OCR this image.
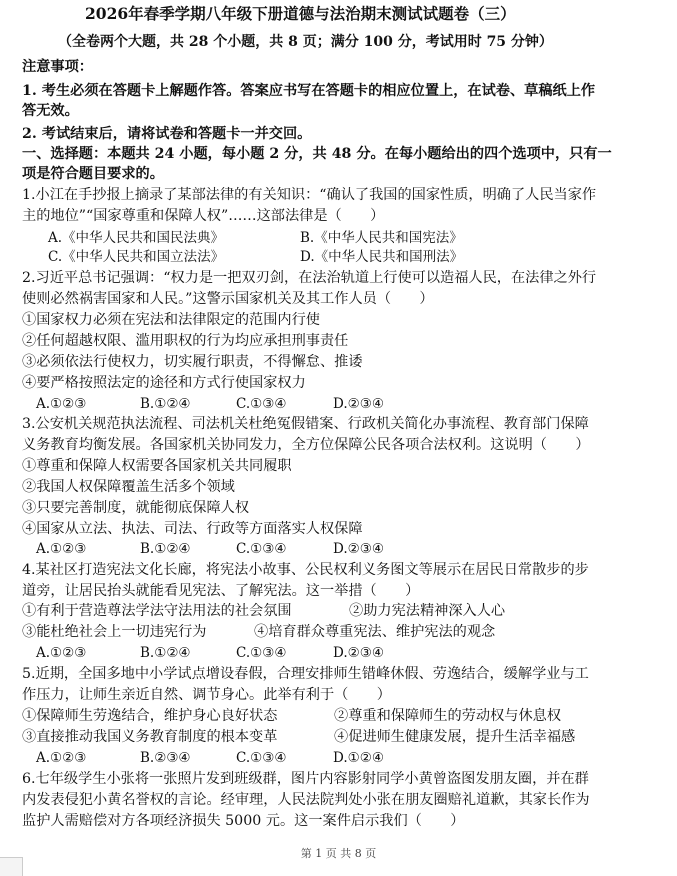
2026年春季学期八年级下册道德与法治期末测试试题卷（三）
（全卷两个大题，共 28 个小题，共 8 页；满分 100 分，考试用时 75 分钟）
注意事项：
1. 考生必须在答题卡上解题作答。答案应书写在答题卡的相应位置上，在试卷、草稿纸上作
答无效。
2. 考试结束后，请将试卷和答题卡一并交回。
一、选择题：本题共 24 小题，每小题 2 分，共 48 分。在每小题给出的四个选项中，只有一
项是符合题目要求的。
1.小江在手抄报上摘录了某部法律的有关知识：“确认了我国的国家性质，明确了人民当家作
主的地位”“国家尊重和保障人权”……这部法律是（　　）
A.《中华人民共和国民法典》	B.《中华人民共和国宪法》
C.《中华人民共和国立法法》	D.《中华人民共和国刑法》
2.习近平总书记强调：“权力是一把双刃剑，在法治轨道上行使可以造福人民，在法律之外行
使则必然祸害国家和人民。”这警示国家机关及其工作人员（　　）
①国家权力必须在宪法和法律限定的范围内行使
②任何超越权限、滥用职权的行为均应承担刑事责任
③必须依法行使权力，切实履行职责，不得懈怠、推诿
④要严格按照法定的途径和方式行使国家权力
A.①②③	B.①②④	C.①③④	D.②③④
3.公安机关规范执法流程、司法机关杜绝冤假错案、行政机关简化办事流程、教育部门保障
义务教育均衡发展。各国家机关协同发力，全方位保障公民各项合法权利。这说明（　　）
①尊重和保障人权需要各国家机关共同履职
②我国人权保障覆盖生活多个领域
③只要完善制度，就能彻底保障人权
④国家从立法、执法、司法、行政等方面落实人权保障
A.①②③	B.①②④	C.①③④	D.②③④
4.某社区打造宪法文化长廊，将宪法小故事、公民权利义务图文等展示在居民日常散步的步
道旁，让居民抬头就能看见宪法、了解宪法。这一举措（　　）
①有利于营造尊法学法守法用法的社会氛围	②助力宪法精神深入人心
③能杜绝社会上一切违宪行为	④培育群众尊重宪法、维护宪法的观念
A.①②③	B.①②④	C.①③④	D.②③④
5.近期，全国多地中小学试点增设春假，合理安排师生错峰休假、劳逸结合，缓解学业与工
作压力，让师生亲近自然、调节身心。此举有利于（　　）
①保障师生劳逸结合，维护身心良好状态	②尊重和保障师生的劳动权与休息权
③直接推动我国义务教育制度的根本变革	④促进师生健康发展，提升生活幸福感
A.①②③	B.②③④	C.①③④	D.①②④
6.七年级学生小张将一张照片发到班级群，图片内容影射同学小黄曾盗图发朋友圈，并在群
内发表侵犯小黄名誉权的言论。经审理，人民法院判处小张在朋友圈赔礼道歉，其家长作为
监护人需赔偿对方各项经济损失 5000 元。这一案件启示我们（　　）
第 1 页 共 8 页
